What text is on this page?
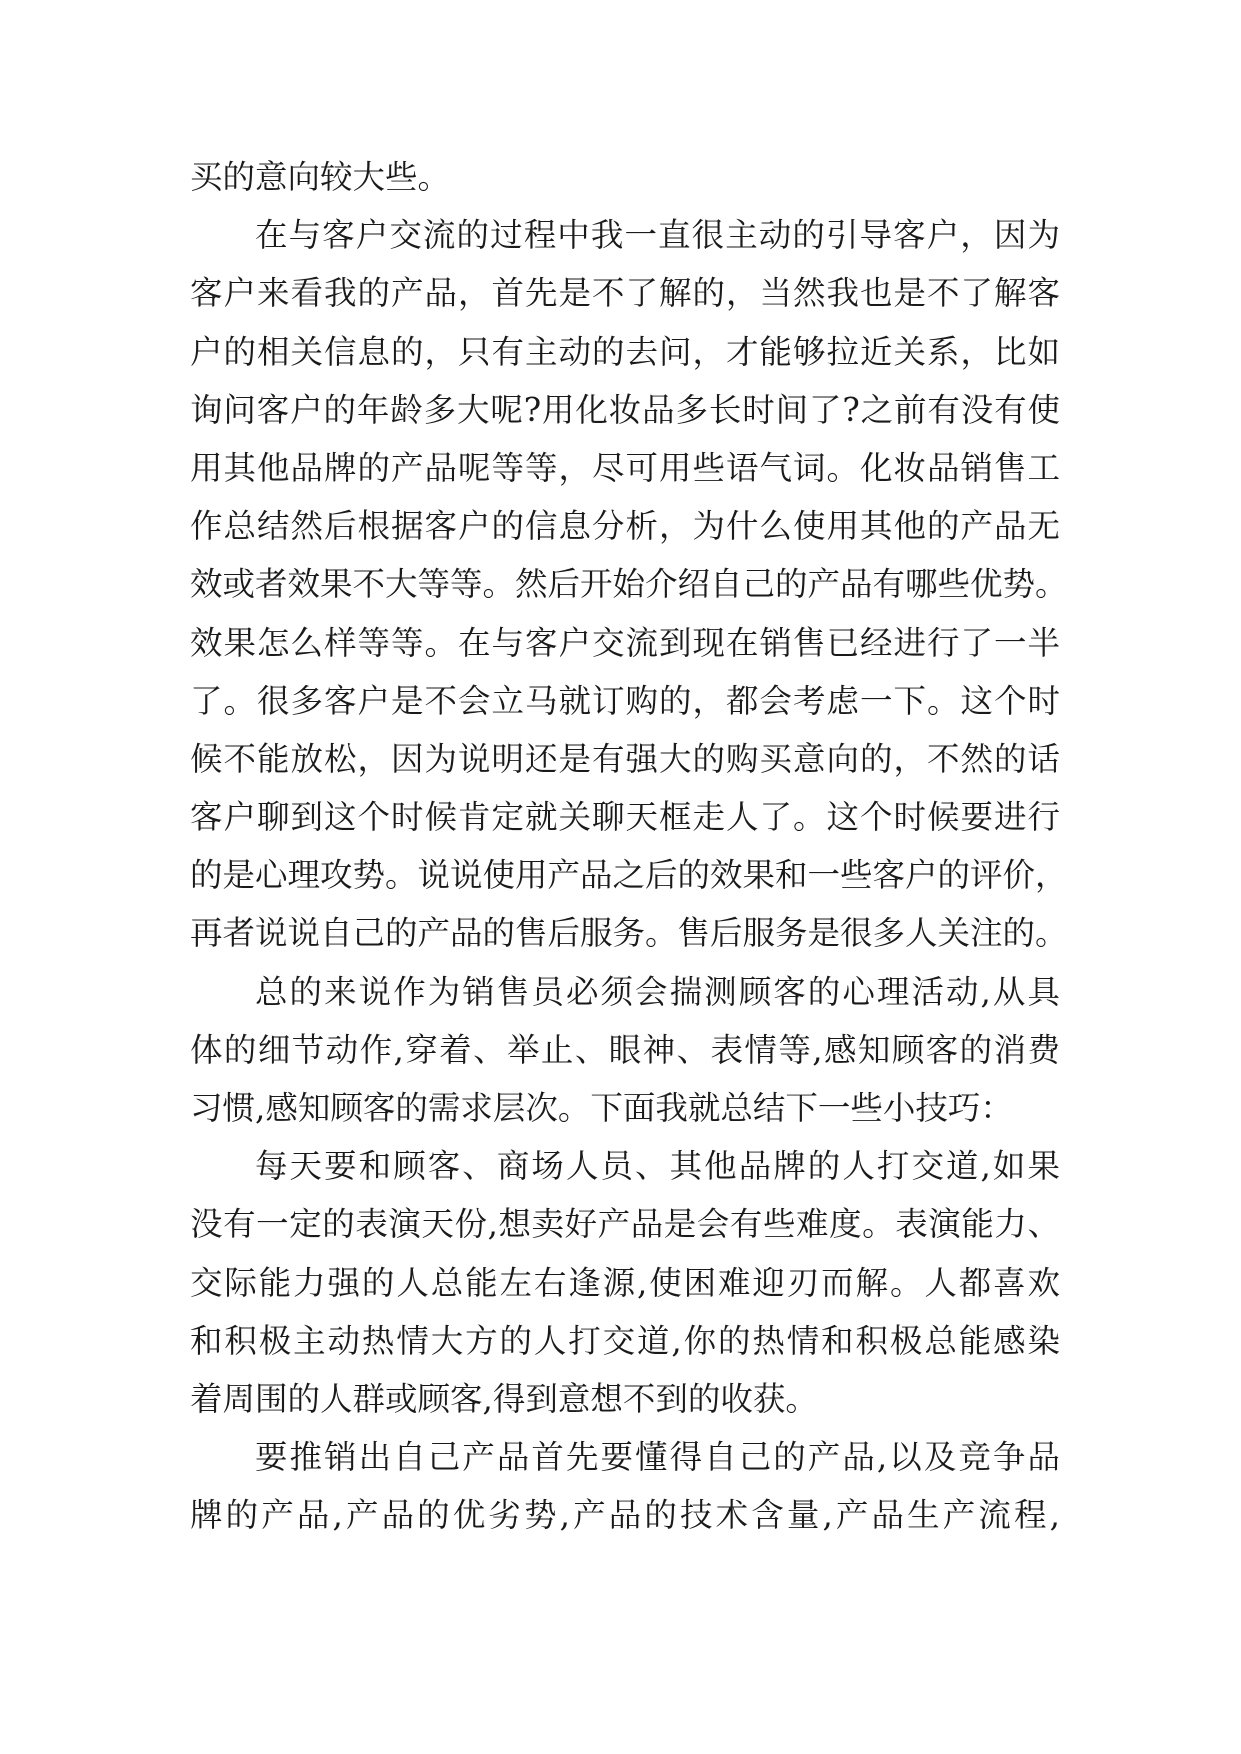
买的意向较大些。
在与客户交流的过程中我一直很主动的引导客户，因为
客户来看我的产品，首先是不了解的，当然我也是不了解客
户的相关信息的，只有主动的去问，才能够拉近关系，比如
询问客户的年龄多大呢?用化妆品多长时间了?之前有没有使
用其他品牌的产品呢等等，尽可用些语气词。化妆品销售工
作总结然后根据客户的信息分析，为什么使用其他的产品无
效或者效果不大等等。然后开始介绍自己的产品有哪些优势。
效果怎么样等等。在与客户交流到现在销售已经进行了一半
了。很多客户是不会立马就订购的，都会考虑一下。这个时
候不能放松，因为说明还是有强大的购买意向的，不然的话
客户聊到这个时候肯定就关聊天框走人了。这个时候要进行
的是心理攻势。说说使用产品之后的效果和一些客户的评价，
再者说说自己的产品的售后服务。售后服务是很多人关注的。
总的来说作为销售员必须会揣测顾客的心理活动,从具
体的细节动作,穿着、举止、眼神、表情等,感知顾客的消费
习惯,感知顾客的需求层次。下面我就总结下一些小技巧：
每天要和顾客、商场人员、其他品牌的人打交道,如果
没有一定的表演天份,想卖好产品是会有些难度。表演能力、
交际能力强的人总能左右逢源,使困难迎刃而解。人都喜欢
和积极主动热情大方的人打交道,你的热情和积极总能感染
着周围的人群或顾客,得到意想不到的收获。
要推销出自己产品首先要懂得自己的产品,以及竞争品
牌的产品,产品的优劣势,产品的技术含量,产品生产流程,
